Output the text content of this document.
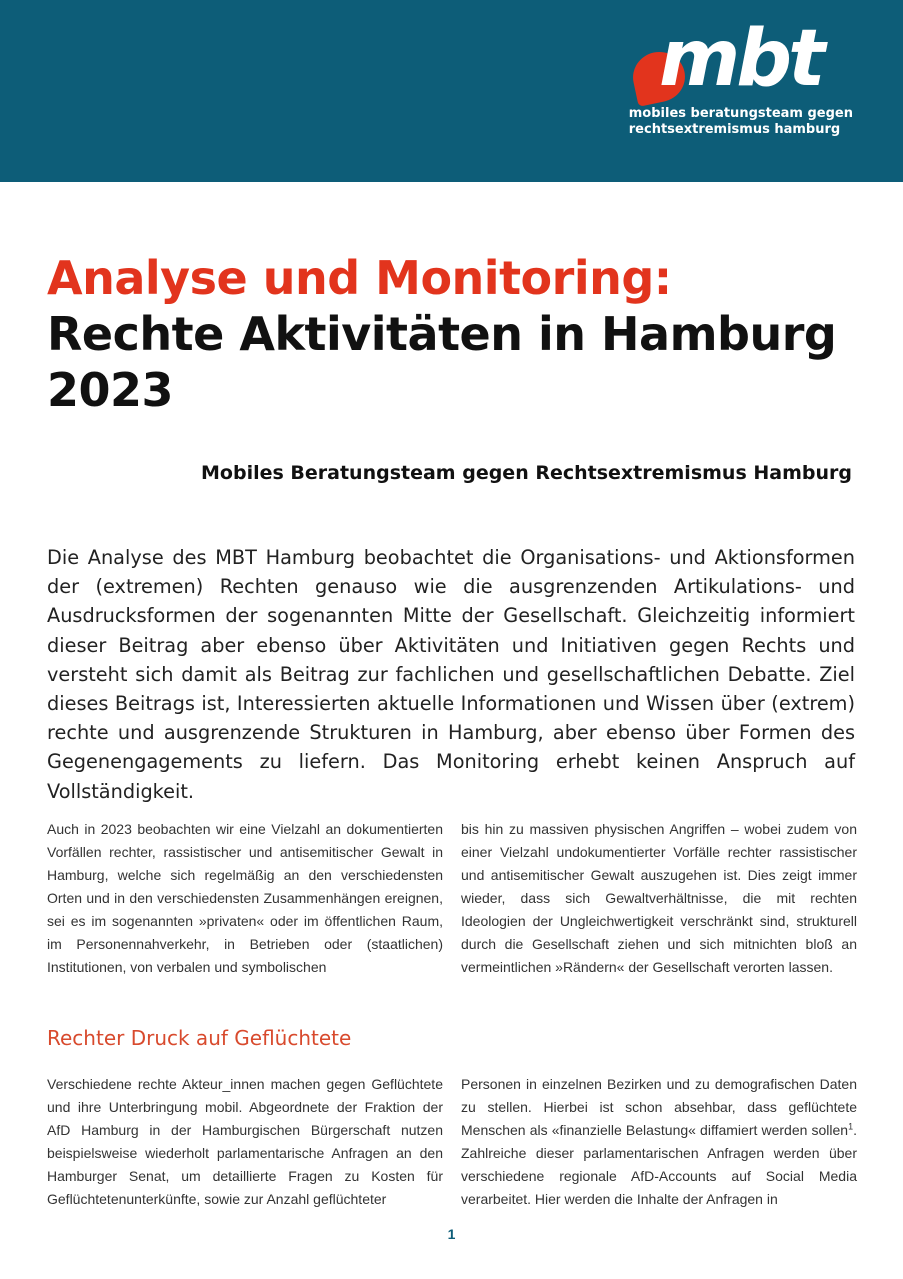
mbt
mobiles beratungsteam gegen
rechtsextremismus hamburg
Analyse und Monitoring:
Rechte Aktivitäten in Hamburg
2023

Mobiles Beratungsteam gegen Rechtsextremismus Hamburg

Die Analyse des MBT Hamburg beobachtet die Organisations- und Aktionsformen der (extremen) Rechten genauso wie die ausgrenzenden Artikulations- und Ausdrucksformen der sogenannten Mitte der Gesellschaft. Gleichzeitig informiert dieser Beitrag aber ebenso über Aktivitäten und Initiativen gegen Rechts und versteht sich damit als Beitrag zur fachlichen und gesellschaftlichen Debatte. Ziel dieses Beitrags ist, Interessierten aktuelle Informationen und Wissen über (extrem) rechte und ausgrenzende Strukturen in Hamburg, aber ebenso über Formen des Gegenengagements zu liefern. Das Monitoring erhebt keinen Anspruch auf Vollständigkeit.

Auch in 2023 beobachten wir eine Vielzahl an dokumentierten Vorfällen rechter, rassistischer und antisemitischer Gewalt in Hamburg, welche sich regelmäßig an den verschiedensten Orten und in den verschiedensten Zusammenhängen ereignen, sei es im sogenannten »privaten« oder im öffentlichen Raum, im Personennahverkehr, in Betrieben oder (staatlichen) Institutionen, von verbalen und symbolischen

bis hin zu massiven physischen Angriffen – wobei zudem von einer Vielzahl undokumentierter Vorfälle rechter rassistischer und antisemitischer Gewalt auszugehen ist. Dies zeigt immer wieder, dass sich Gewaltverhältnisse, die mit rechten Ideologien der Ungleichwertigkeit verschränkt sind, strukturell durch die Gesellschaft ziehen und sich mitnichten bloß an vermeintlichen »Rändern« der Gesellschaft verorten lassen.

Rechter Druck auf Geflüchtete

Verschiedene rechte Akteur_innen machen gegen Geflüchtete und ihre Unterbringung mobil. Abgeordnete der Fraktion der AfD Hamburg in der Hamburgischen Bürgerschaft nutzen beispielsweise wiederholt parlamentarische Anfragen an den Hamburger Senat, um detaillierte Fragen zu Kosten für Geflüchtetenunterkünfte, sowie zur Anzahl geflüchteter

Personen in einzelnen Bezirken und zu demografischen Daten zu stellen. Hierbei ist schon absehbar, dass geflüchtete Menschen als «finanzielle Belastung« diffamiert werden sollen$^1$. Zahlreiche dieser parlamentarischen Anfragen werden über verschiedene regionale AfD-Accounts auf Social Media verarbeitet. Hier werden die Inhalte der Anfragen in

1
